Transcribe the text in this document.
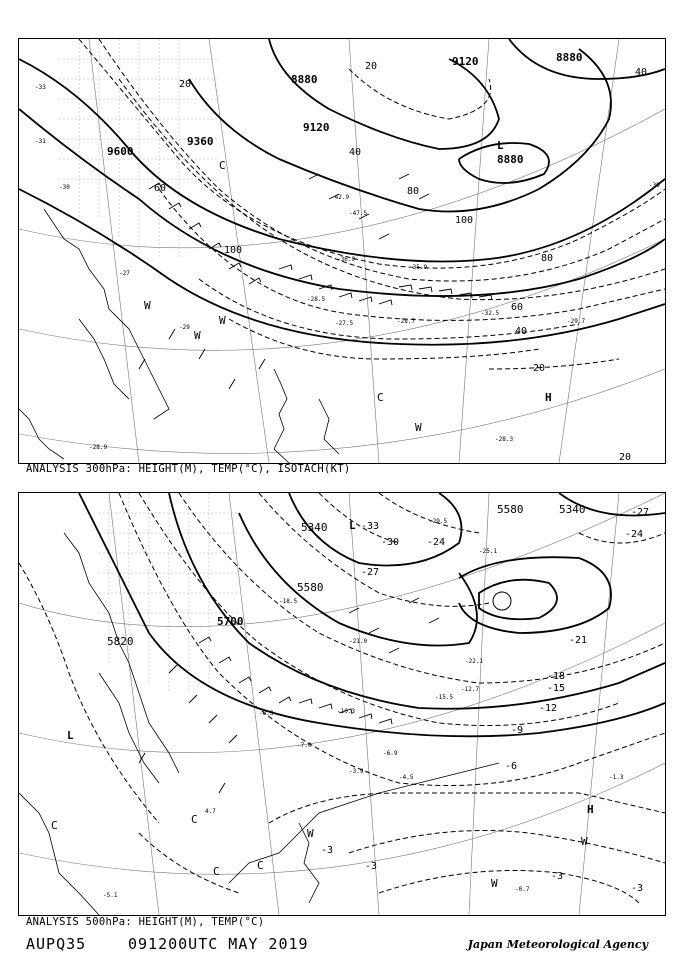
9600
9360
8880
9120
9120
8880
8880
20
20
40
60	80
100
100
80
60
40
20
40
20
-28.9
-28.7
-32.5
-29.7
-28.5
-27.5
-35.9
-42.9
-47.5
-36.9
-28.3
-39
-33
-31
-27
-29
-30
W
W
W
C
W
H
L
C
ANALYSIS 300hPa: HEIGHT(M), TEMP(°C), ISOTACH(KT)
5820
5700
5580
5340
5580	5340
-33
-30
-27
-24
-27
-24
-21
-18
-15
-12
-9
-6
-3
-3
-3
-3
-3.9
-4.5
-6.9
-7.0
-8.3	-10.3
-12.7
-15.5
-18.5
-21.0
-22.1
-25.1
-29.5
-1.3
-0.7
4.7
-5.1
L
L
C	C
C
W
H
W
W
C
ANALYSIS 500hPa: HEIGHT(M), TEMP(°C)
AUPQ35	091200UTC MAY 2019	Japan Meteorological Agency
